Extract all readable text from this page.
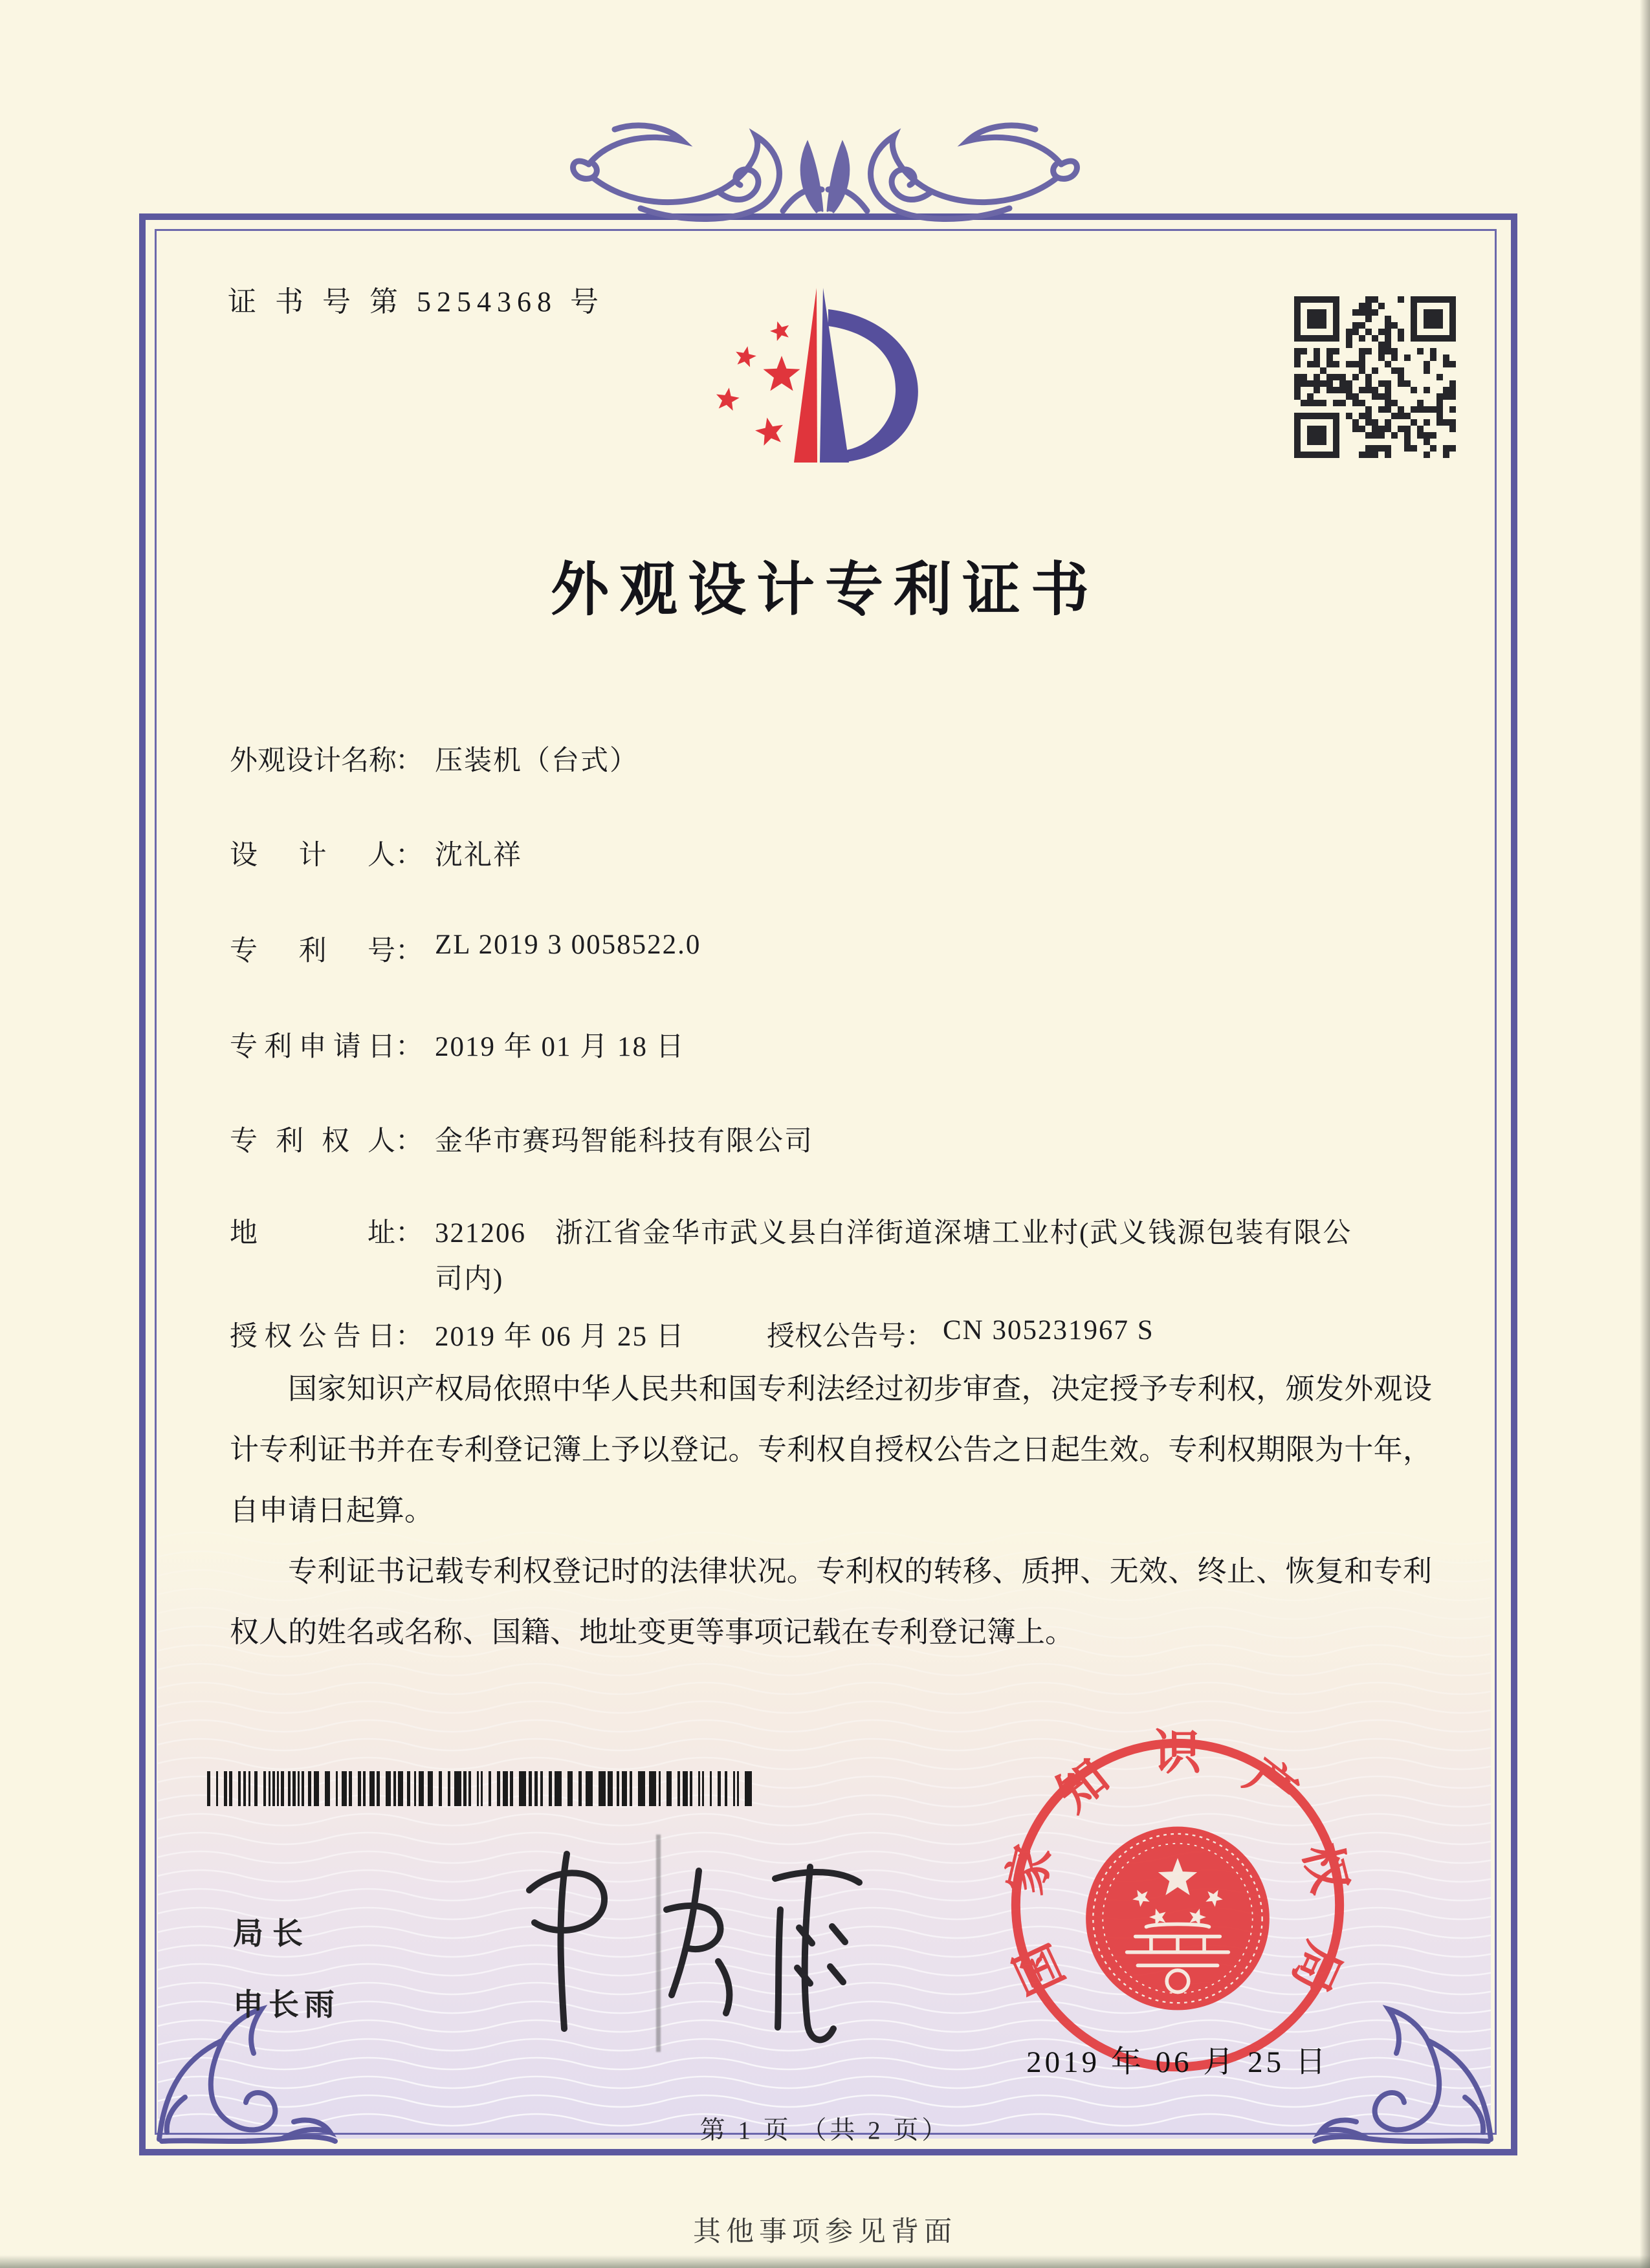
证 书 号 第 5254368 号
外观设计专利证书
外观设计名称： 压装机（台式）
设计人： 沈礼祥
专利号： ZL 2019 3 0058522.0
专利申请日： 2019 年 01 月 18 日
专利权人： 金华市赛玛智能科技有限公司
地址： 321206　浙江省金华市武义县白洋街道深塘工业村(武义钱源包装有限公司内)
授权公告日： 2019 年 06 月 25 日	授权公告号： CN 305231967 S

国家知识产权局依照中华人民共和国专利法经过初步审查，决定授予专利权，颁发外观设计专利证书并在专利登记簿上予以登记。专利权自授权公告之日起生效。专利权期限为十年，自申请日起算。

专利证书记载专利权登记时的法律状况。专利权的转移、质押、无效、终止、恢复和专利权人的姓名或名称、国籍、地址变更等事项记载在专利登记簿上。

局长
申长雨
国家知识产权局
2019 年 06 月 25 日
第 1 页 （共 2 页）
其他事项参见背面
